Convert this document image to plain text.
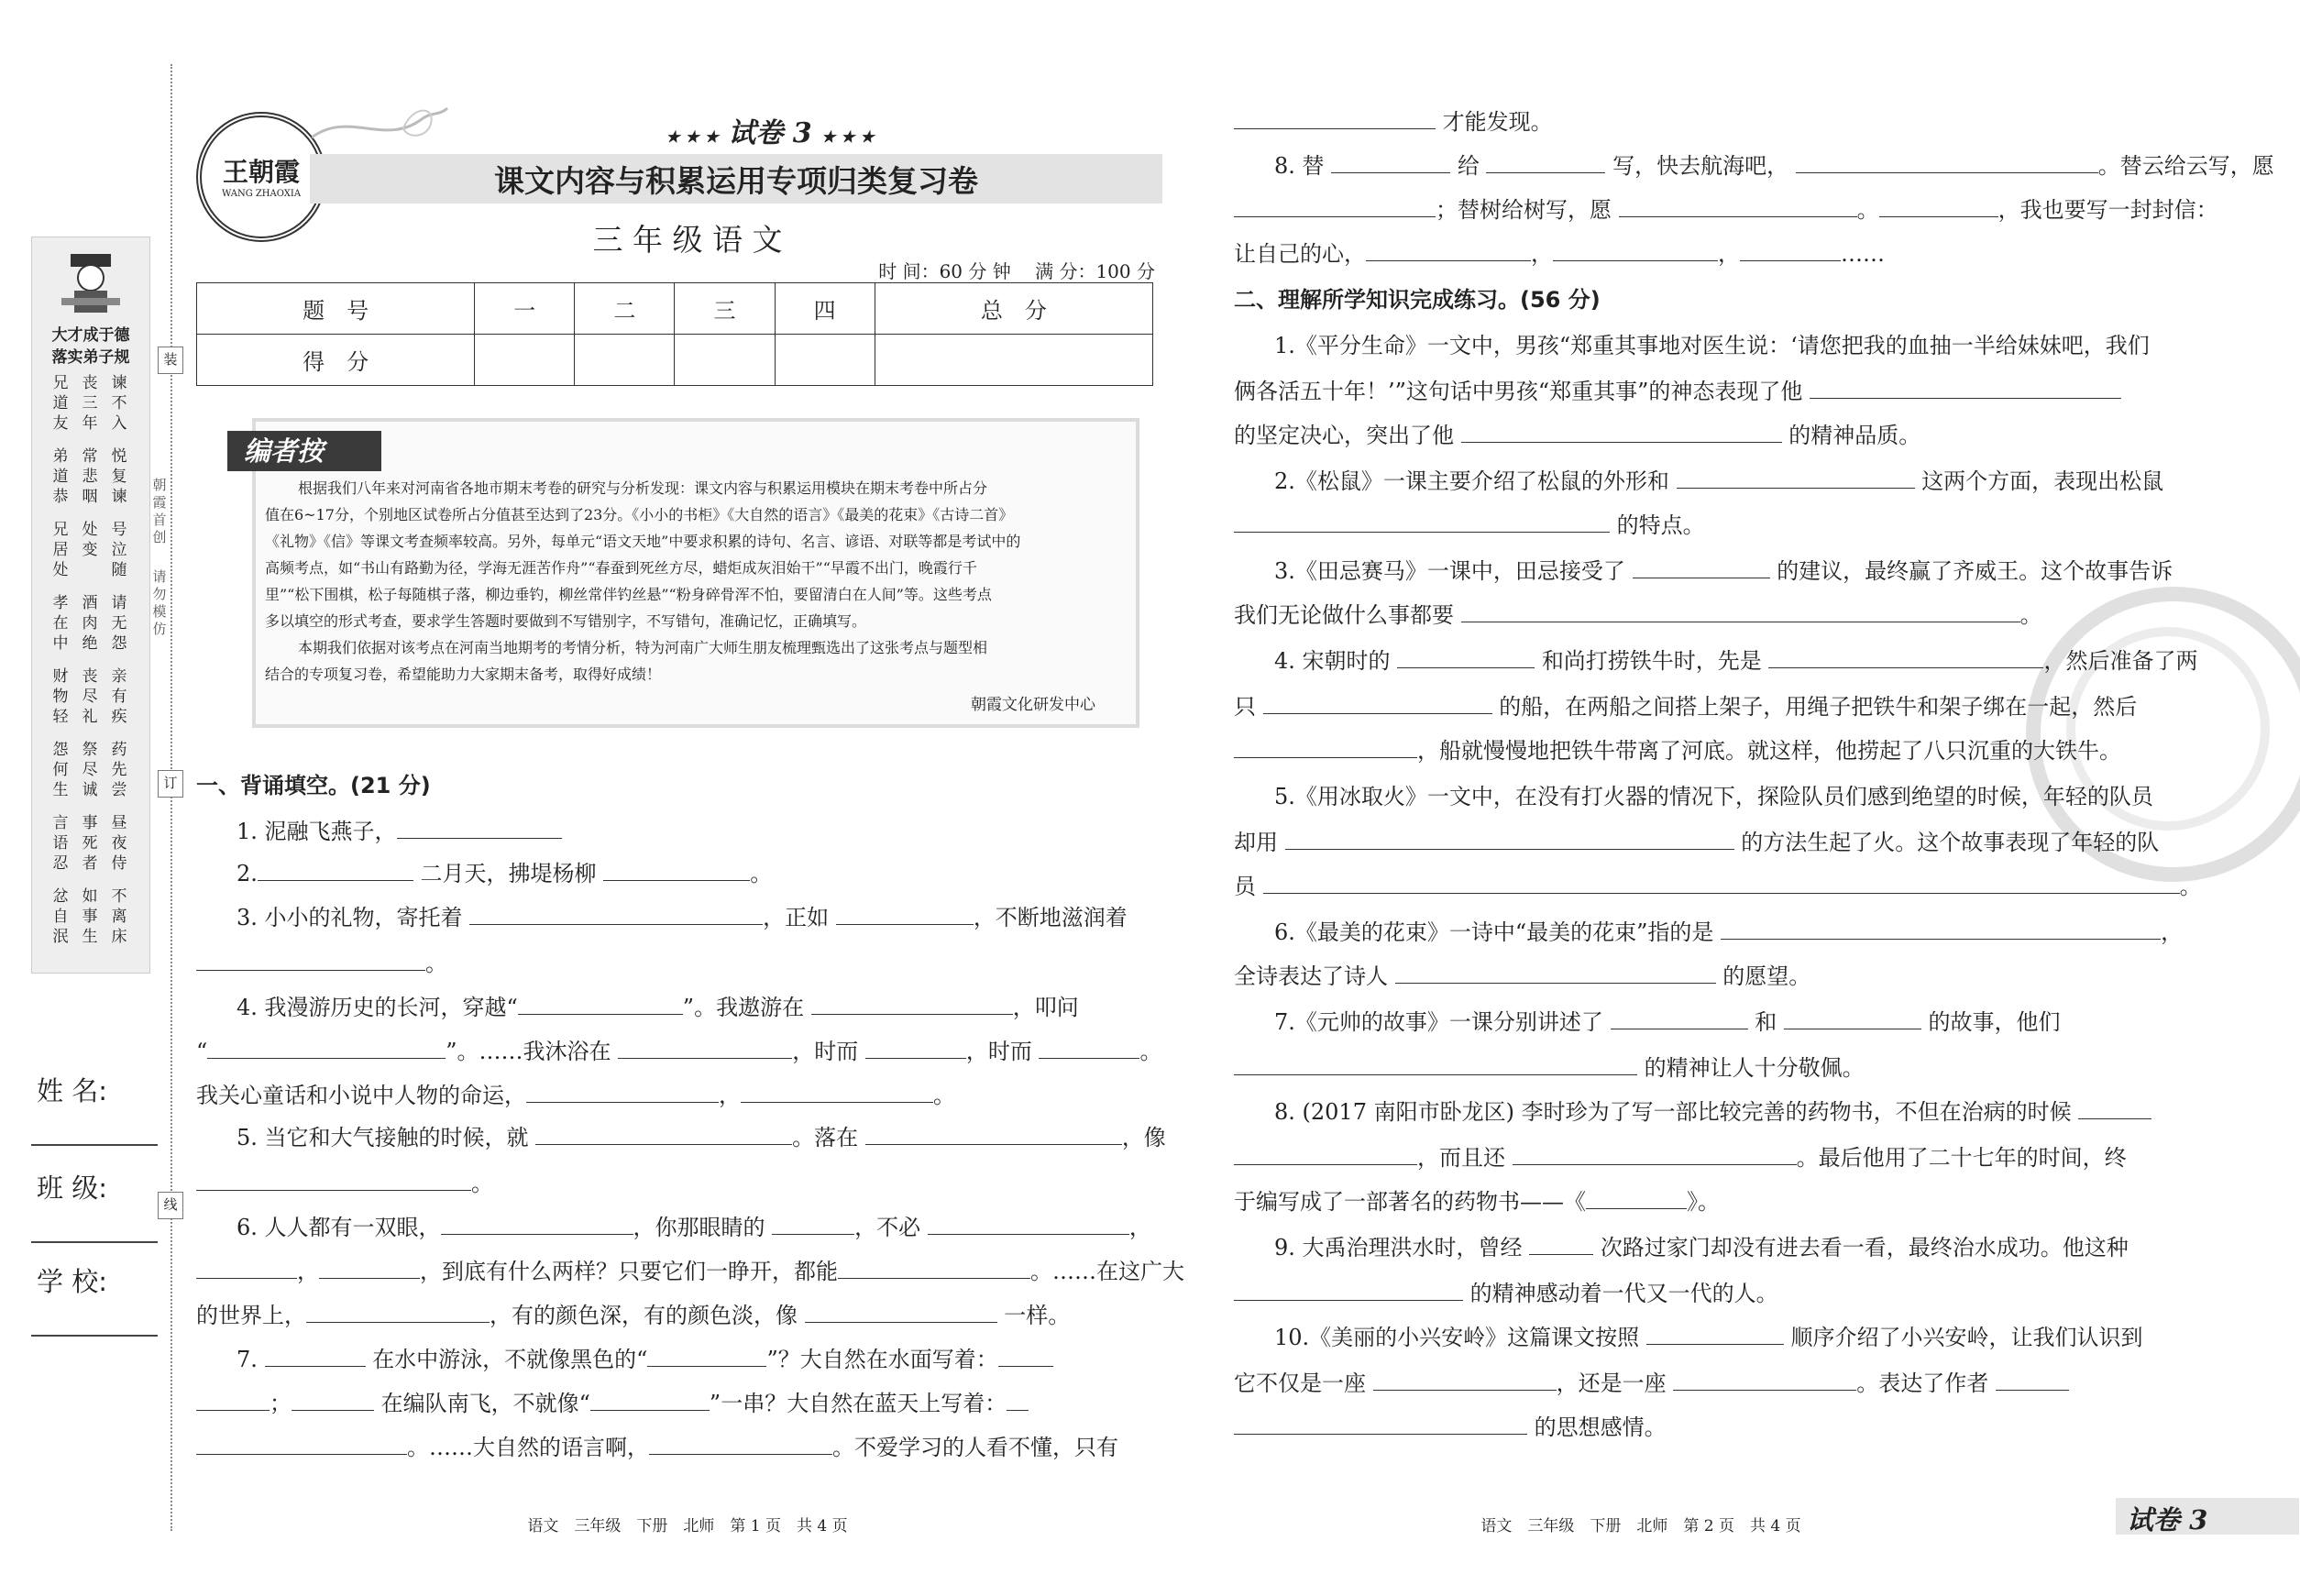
装
订
线
朝霞首创
请勿模仿
大才成于德
落实弟子规
兄道友
丧三年
谏不入
弟道恭
常悲咽
悦复谏
兄居处
处变
号泣随
孝在中
酒肉绝
请无怨
财物轻
丧尽礼
亲有疾
怨何生
祭尽诚
药先尝
言语忍
事死者
昼夜侍
忿自泯
如事生
不离床
姓 名:
班 级:
学 校:
王朝霞
WANG ZHAOXIA
★ ★ ★ 试卷 3 ★ ★ ★
课文内容与积累运用专项归类复习卷
三 年 级 语 文
时 间：60 分 钟　 满 分：100 分
题　号	一	二	三	四	总　分
得　分					
根据我们八年来对河南省各地市期末考卷的研究与分析发现：课文内容与积累运用模块在期末考卷中所占分
值在6~17分，个别地区试卷所占分值甚至达到了23分。《小小的书柜》《大自然的语言》《最美的花束》《古诗二首》
《礼物》《信》等课文考查频率较高。另外，每单元“语文天地”中要求积累的诗句、名言、谚语、对联等都是考试中的
高频考点，如“书山有路勤为径，学海无涯苦作舟”“春蚕到死丝方尽，蜡炬成灰泪始干”“早霞不出门，晚霞行千
里”“松下围棋，松子每随棋子落，柳边垂钓，柳丝常伴钓丝悬”“粉身碎骨浑不怕，要留清白在人间”等。这些考点
多以填空的形式考查，要求学生答题时要做到不写错别字，不写错句，准确记忆，正确填写。
本期我们依据对该考点在河南当地期考的考情分析，特为河南广大师生朋友梳理甄选出了这张考点与题型相
结合的专项复习卷，希望能助力大家期末备考，取得好成绩！
朝霞文化研发中心
编者按
一、背诵填空。(21 分)
1. 泥融飞燕子，
2.	二月天，拂堤杨柳	。
3. 小小的礼物，寄托着	，正如	，不断地滋润着
。
4. 我漫游历史的长河，穿越“	”。我遨游在	，叩问
“	”。……我沐浴在	，时而	，时而	。
我关心童话和小说中人物的命运，	，	。
5. 当它和大气接触的时候，就	。落在	，像
。
6. 人人都有一双眼，	，你那眼睛的	，不必	，
，	，到底有什么两样？只要它们一睁开，都能	。……在这广大
的世界上，	，有的颜色深，有的颜色淡，像	一样。
7.	在水中游泳，不就像黑色的“	”？大自然在水面写着：
；	在编队南飞，不就像“	”一串？大自然在蓝天上写着：
。……大自然的语言啊，	。不爱学习的人看不懂，只有
语文　三年级　下册　北师　第 1 页　共 4 页
才能发现。
8. 替	给	写，快去航海吧，	。替云给云写，愿
；替树给树写，愿	。	，我也要写一封封信：
让自己的心，	，	，	……
二、理解所学知识完成练习。(56 分)
1.《平分生命》一文中，男孩“郑重其事地对医生说：‘请您把我的血抽一半给妹妹吧，我们
俩各活五十年！’”这句话中男孩“郑重其事”的神态表现了他
的坚定决心，突出了他	的精神品质。
2.《松鼠》一课主要介绍了松鼠的外形和	这两个方面，表现出松鼠
的特点。
3.《田忌赛马》一课中，田忌接受了	的建议，最终赢了齐威王。这个故事告诉
我们无论做什么事都要	。
4. 宋朝时的	和尚打捞铁牛时，先是	，然后准备了两
只	的船，在两船之间搭上架子，用绳子把铁牛和架子绑在一起，然后
，船就慢慢地把铁牛带离了河底。就这样，他捞起了八只沉重的大铁牛。
5.《用冰取火》一文中，在没有打火器的情况下，探险队员们感到绝望的时候，年轻的队员
却用	的方法生起了火。这个故事表现了年轻的队
员	。
6.《最美的花束》一诗中“最美的花束”指的是	，
全诗表达了诗人	的愿望。
7.《元帅的故事》一课分别讲述了	和	的故事，他们
的精神让人十分敬佩。
8. (2017 南阳市卧龙区) 李时珍为了写一部比较完善的药物书，不但在治病的时候
，而且还	。最后他用了二十七年的时间，终
于编写成了一部著名的药物书——《	》。
9. 大禹治理洪水时，曾经	次路过家门却没有进去看一看，最终治水成功。他这种
的精神感动着一代又一代的人。
10.《美丽的小兴安岭》这篇课文按照	顺序介绍了小兴安岭，让我们认识到
它不仅是一座	，还是一座	。表达了作者
的思想感情。
语文　三年级　下册　北师　第 2 页　共 4 页	试卷 3
